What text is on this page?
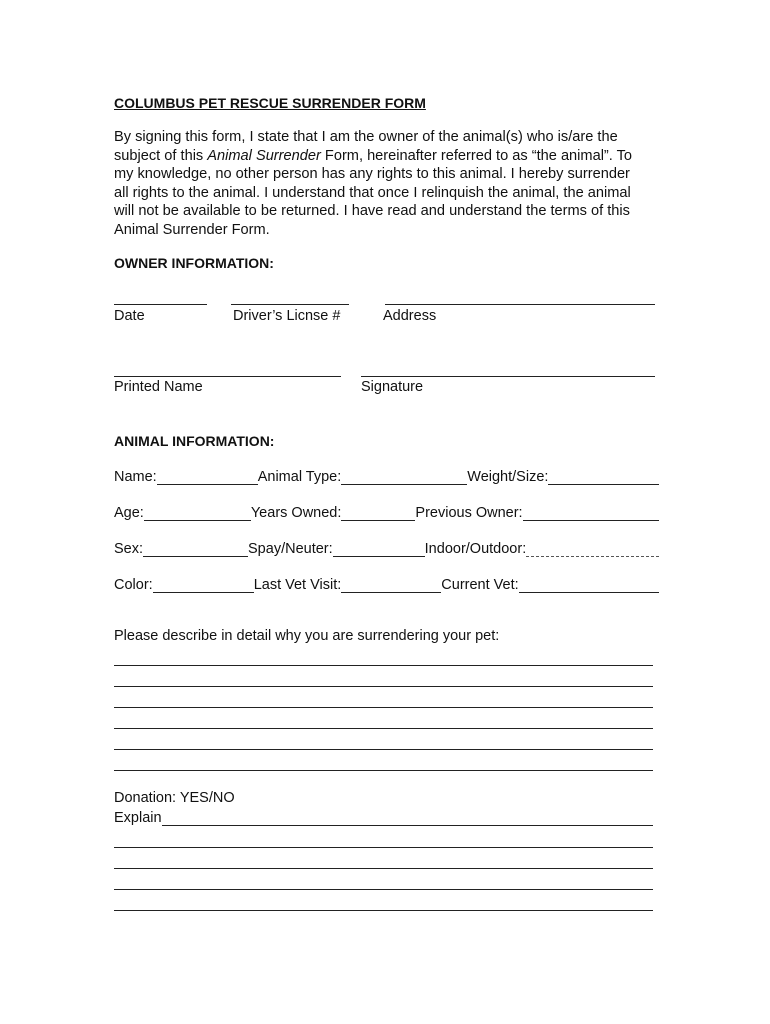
COLUMBUS PET RESCUE SURRENDER FORM
By signing this form, I state that I am the owner of the animal(s) who is/are the
subject of this Animal Surrender Form, hereinafter referred to as “the animal”. To
my knowledge, no other person has any rights to this animal. I hereby surrender
all rights to the animal. I understand that once I relinquish the animal, the animal
will not be available to be returned. I have read and understand the terms of this
Animal Surrender Form.
OWNER INFORMATION:
Date	Driver’s Licnse #	Address
Printed Name	Signature
ANIMAL INFORMATION:
Name:	Animal Type:	Weight/Size:
Age:	Years Owned:	Previous Owner:
Sex:	Spay/Neuter:	Indoor/Outdoor:
Color:	Last Vet Visit:	Current Vet:
Please describe in detail why you are surrendering your pet:
Donation: YES/NO
Explain
